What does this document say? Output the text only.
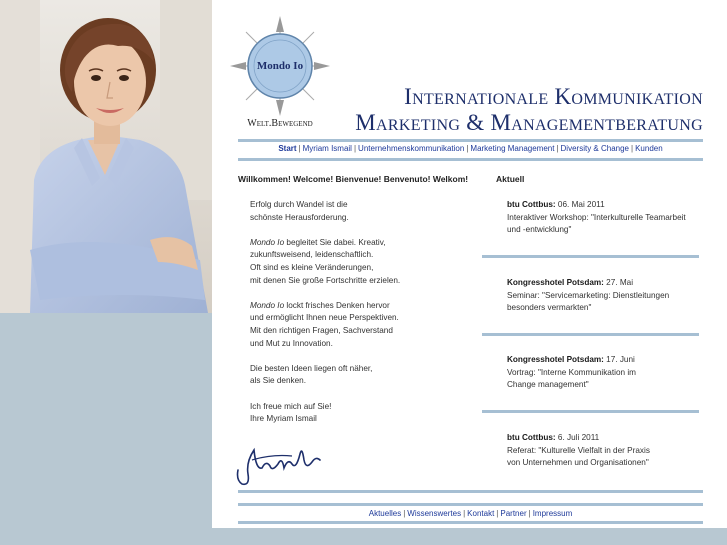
Mondo Io
Welt.Bewegend
Internationale Kommunikation
Marketing & Managementberatung
Start | Myriam Ismail | Unternehmenskommunikation | Marketing Management | Diversity & Change | Kunden
Willkommen! Welcome! Bienvenue! Benvenuto! Welkom!

Erfolg durch Wandel ist die
schönste Herausforderung.

Mondo Io begleitet Sie dabei. Kreativ,
zukunftsweisend, leidenschaftlich.
Oft sind es kleine Veränderungen,
mit denen Sie große Fortschritte erzielen.

Mondo Io lockt frisches Denken hervor
und ermöglicht Ihnen neue Perspektiven.
Mit den richtigen Fragen, Sachverstand
und Mut zu Innovation.

Die besten Ideen liegen oft näher,
als Sie denken.

Ich freue mich auf Sie!
Ihre Myriam Ismail

Aktuell
btu Cottbus: 06. Mai 2011
Interaktiver Workshop: "Interkulturelle Teamarbeit
und -entwicklung"
Kongresshotel Potsdam: 27. Mai
Seminar: "Servicemarketing: Dienstleitungen
besonders vermarkten"
Kongresshotel Potsdam: 17. Juni
Vortrag: "Interne Kommunikation im
Change management"
btu Cottbus: 6. Juli 2011
Referat: "Kulturelle Vielfalt in der Praxis
von Unternehmen und Organisationen"
Aktuelles | Wissenswertes | Kontakt | Partner | Impressum
